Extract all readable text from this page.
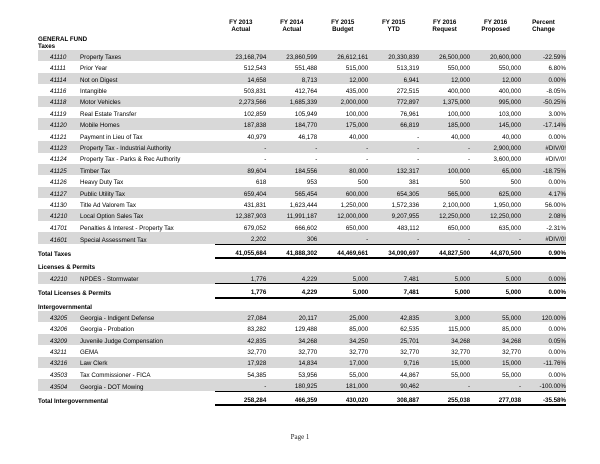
	FY 2013	FY 2014	FY 2015	FY 2015	FY 2016	FY 2016	Percent
	Actual	Actual	Budget	YTD	Request	Proposed	Change
GENERAL FUND							
Taxes							
41110 Property Taxes	23,168,794	23,860,599	26,612,161	20,330,839	26,500,000	20,600,000	-22.59%
41111 Prior Year	512,543	551,488	515,000	513,319	550,000	550,000	6.80%
41114 Not on Digest	14,658	8,713	12,000	6,941	12,000	12,000	0.00%
41116 Intangible	503,831	412,764	435,000	272,515	400,000	400,000	-8.05%
41118 Motor Vehicles	2,273,566	1,685,339	2,000,000	772,897	1,375,000	995,000	-50.25%
41119 Real Estate Transfer	102,859	105,949	100,000	76,961	100,000	103,000	3.00%
41120 Mobile Homes	187,838	184,770	175,000	66,819	185,000	145,000	-17.14%
41121 Payment in Lieu of Tax	40,979	46,178	40,000	-	40,000	40,000	0.00%
41123 Property Tax - Industrial Authority	-	-	-	-	-	2,900,000	#DIV/0!
41124 Property Tax - Parks & Rec Authority	-	-	-	-	-	3,600,000	#DIV/0!
41125 Timber Tax	89,604	184,556	80,000	132,317	100,000	65,000	-18.75%
41126 Heavy Duty Tax	618	953	500	381	500	500	0.00%
41127 Public Utility Tax	659,404	565,454	600,000	654,305	565,000	625,000	4.17%
41130 Title Ad Valorem Tax	431,831	1,623,444	1,250,000	1,572,336	2,100,000	1,950,000	56.00%
41210 Local Option Sales Tax	12,387,903	11,991,187	12,000,000	9,207,955	12,250,000	12,250,000	2.08%
41701 Penalties & Interest - Property Tax	679,052	666,602	650,000	483,112	650,000	635,000	-2.31%
41601 Special Assessment Tax	2,202	306	-	-	-	-	#DIV/0!
Total Taxes	41,055,684	41,888,302	44,469,661	34,090,697	44,827,500	44,870,500	0.90%

Licenses & Permits							
42210 NPDES - Stormwater	1,776	4,229	5,000	7,481	5,000	5,000	0.00%
Total Licenses & Permits	1,776	4,229	5,000	7,481	5,000	5,000	0.00%

Intergovernmental							
43205 Georgia - Indigent Defense	27,084	20,117	25,000	42,835	3,000	55,000	120.00%
43206 Georgia - Probation	83,282	129,488	85,000	62,535	115,000	85,000	0.00%
43209 Juvenile Judge Compensation	42,835	34,268	34,250	25,701	34,268	34,268	0.05%
43211 GEMA	32,770	32,770	32,770	32,770	32,770	32,770	0.00%
43216 Law Clerk	17,928	14,834	17,000	9,716	15,000	15,000	-11.76%
43503 Tax Commissioner - FICA	54,385	53,956	55,000	44,867	55,000	55,000	0.00%
43504 Georgia - DOT Mowing	-	180,925	181,000	90,462	-	-	-100.00%
Total Intergovernmental	258,284	466,359	430,020	308,887	255,038	277,038	-35.58%
Page 1
